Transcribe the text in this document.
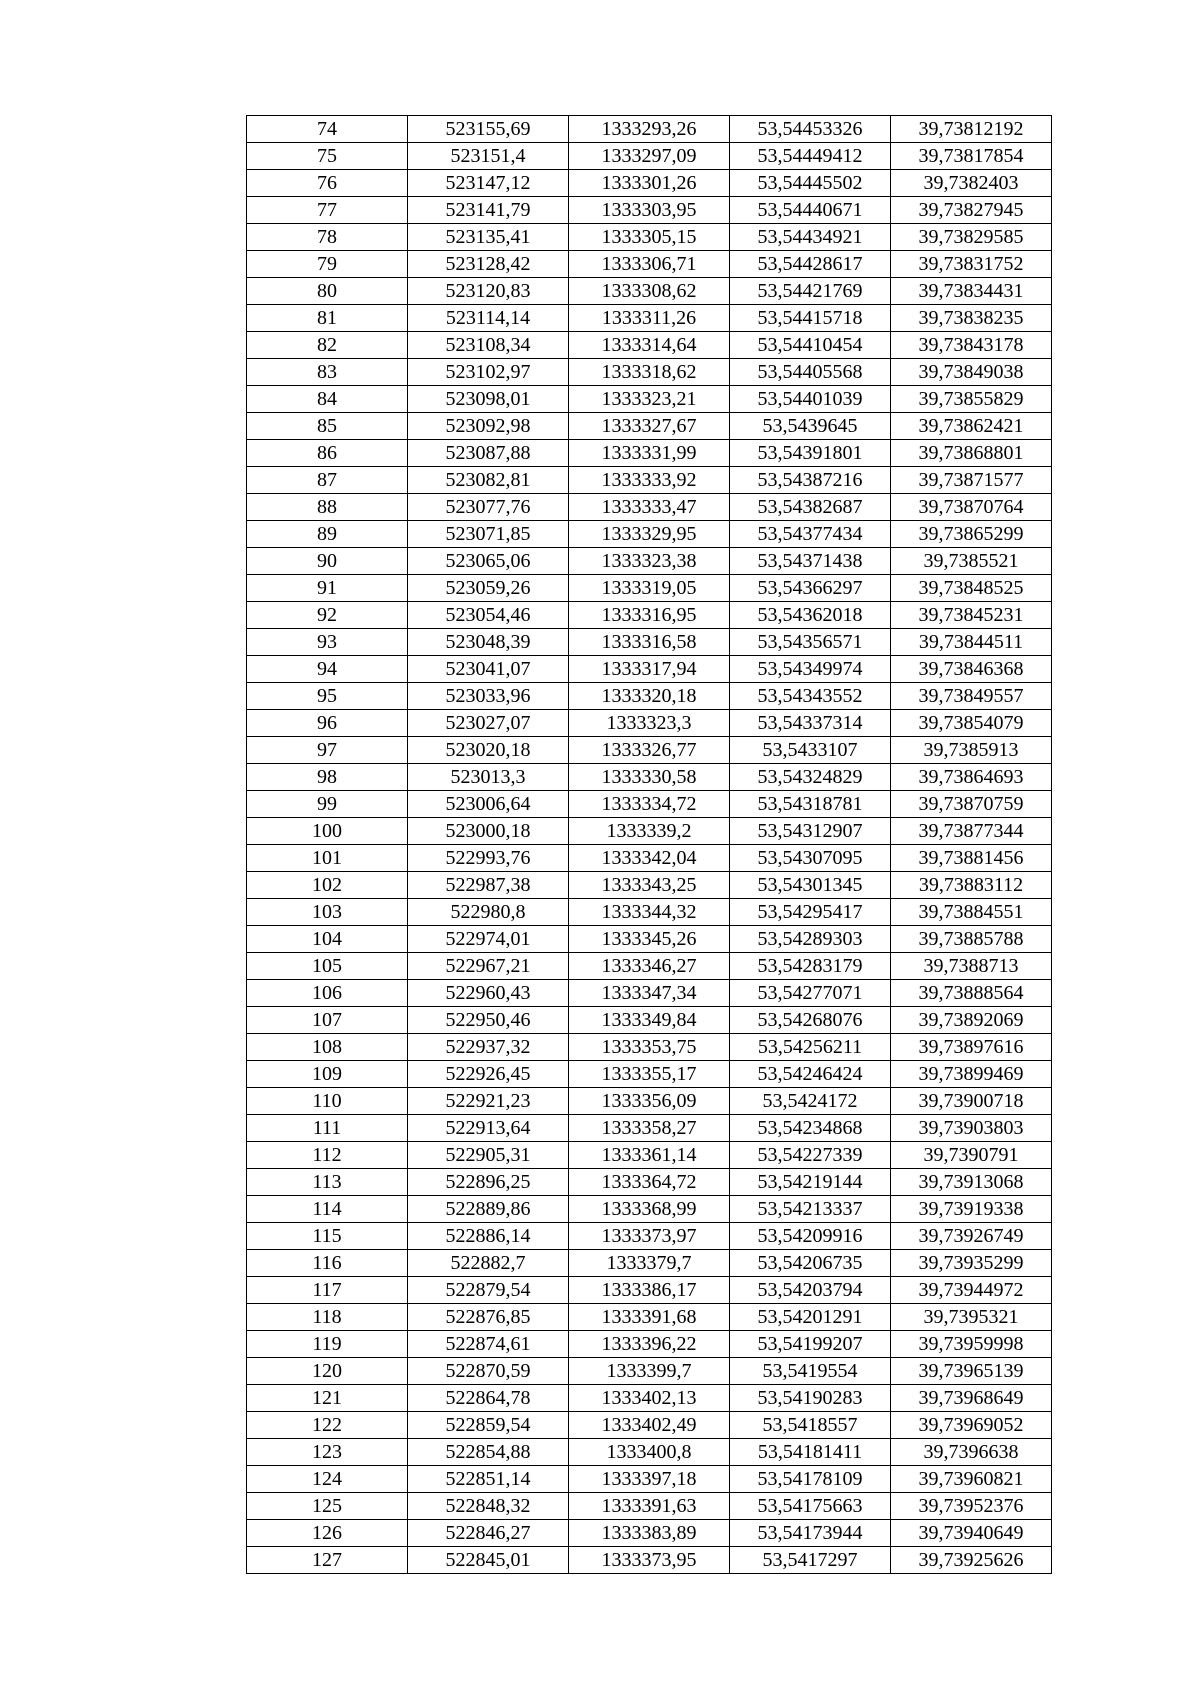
74	523155,69	1333293,26	53,54453326	39,73812192
75	523151,4	1333297,09	53,54449412	39,73817854
76	523147,12	1333301,26	53,54445502	39,7382403
77	523141,79	1333303,95	53,54440671	39,73827945
78	523135,41	1333305,15	53,54434921	39,73829585
79	523128,42	1333306,71	53,54428617	39,73831752
80	523120,83	1333308,62	53,54421769	39,73834431
81	523114,14	1333311,26	53,54415718	39,73838235
82	523108,34	1333314,64	53,54410454	39,73843178
83	523102,97	1333318,62	53,54405568	39,73849038
84	523098,01	1333323,21	53,54401039	39,73855829
85	523092,98	1333327,67	53,5439645	39,73862421
86	523087,88	1333331,99	53,54391801	39,73868801
87	523082,81	1333333,92	53,54387216	39,73871577
88	523077,76	1333333,47	53,54382687	39,73870764
89	523071,85	1333329,95	53,54377434	39,73865299
90	523065,06	1333323,38	53,54371438	39,7385521
91	523059,26	1333319,05	53,54366297	39,73848525
92	523054,46	1333316,95	53,54362018	39,73845231
93	523048,39	1333316,58	53,54356571	39,73844511
94	523041,07	1333317,94	53,54349974	39,73846368
95	523033,96	1333320,18	53,54343552	39,73849557
96	523027,07	1333323,3	53,54337314	39,73854079
97	523020,18	1333326,77	53,5433107	39,7385913
98	523013,3	1333330,58	53,54324829	39,73864693
99	523006,64	1333334,72	53,54318781	39,73870759
100	523000,18	1333339,2	53,54312907	39,73877344
101	522993,76	1333342,04	53,54307095	39,73881456
102	522987,38	1333343,25	53,54301345	39,73883112
103	522980,8	1333344,32	53,54295417	39,73884551
104	522974,01	1333345,26	53,54289303	39,73885788
105	522967,21	1333346,27	53,54283179	39,7388713
106	522960,43	1333347,34	53,54277071	39,73888564
107	522950,46	1333349,84	53,54268076	39,73892069
108	522937,32	1333353,75	53,54256211	39,73897616
109	522926,45	1333355,17	53,54246424	39,73899469
110	522921,23	1333356,09	53,5424172	39,73900718
111	522913,64	1333358,27	53,54234868	39,73903803
112	522905,31	1333361,14	53,54227339	39,7390791
113	522896,25	1333364,72	53,54219144	39,73913068
114	522889,86	1333368,99	53,54213337	39,73919338
115	522886,14	1333373,97	53,54209916	39,73926749
116	522882,7	1333379,7	53,54206735	39,73935299
117	522879,54	1333386,17	53,54203794	39,73944972
118	522876,85	1333391,68	53,54201291	39,7395321
119	522874,61	1333396,22	53,54199207	39,73959998
120	522870,59	1333399,7	53,5419554	39,73965139
121	522864,78	1333402,13	53,54190283	39,73968649
122	522859,54	1333402,49	53,5418557	39,73969052
123	522854,88	1333400,8	53,54181411	39,7396638
124	522851,14	1333397,18	53,54178109	39,73960821
125	522848,32	1333391,63	53,54175663	39,73952376
126	522846,27	1333383,89	53,54173944	39,73940649
127	522845,01	1333373,95	53,5417297	39,73925626
